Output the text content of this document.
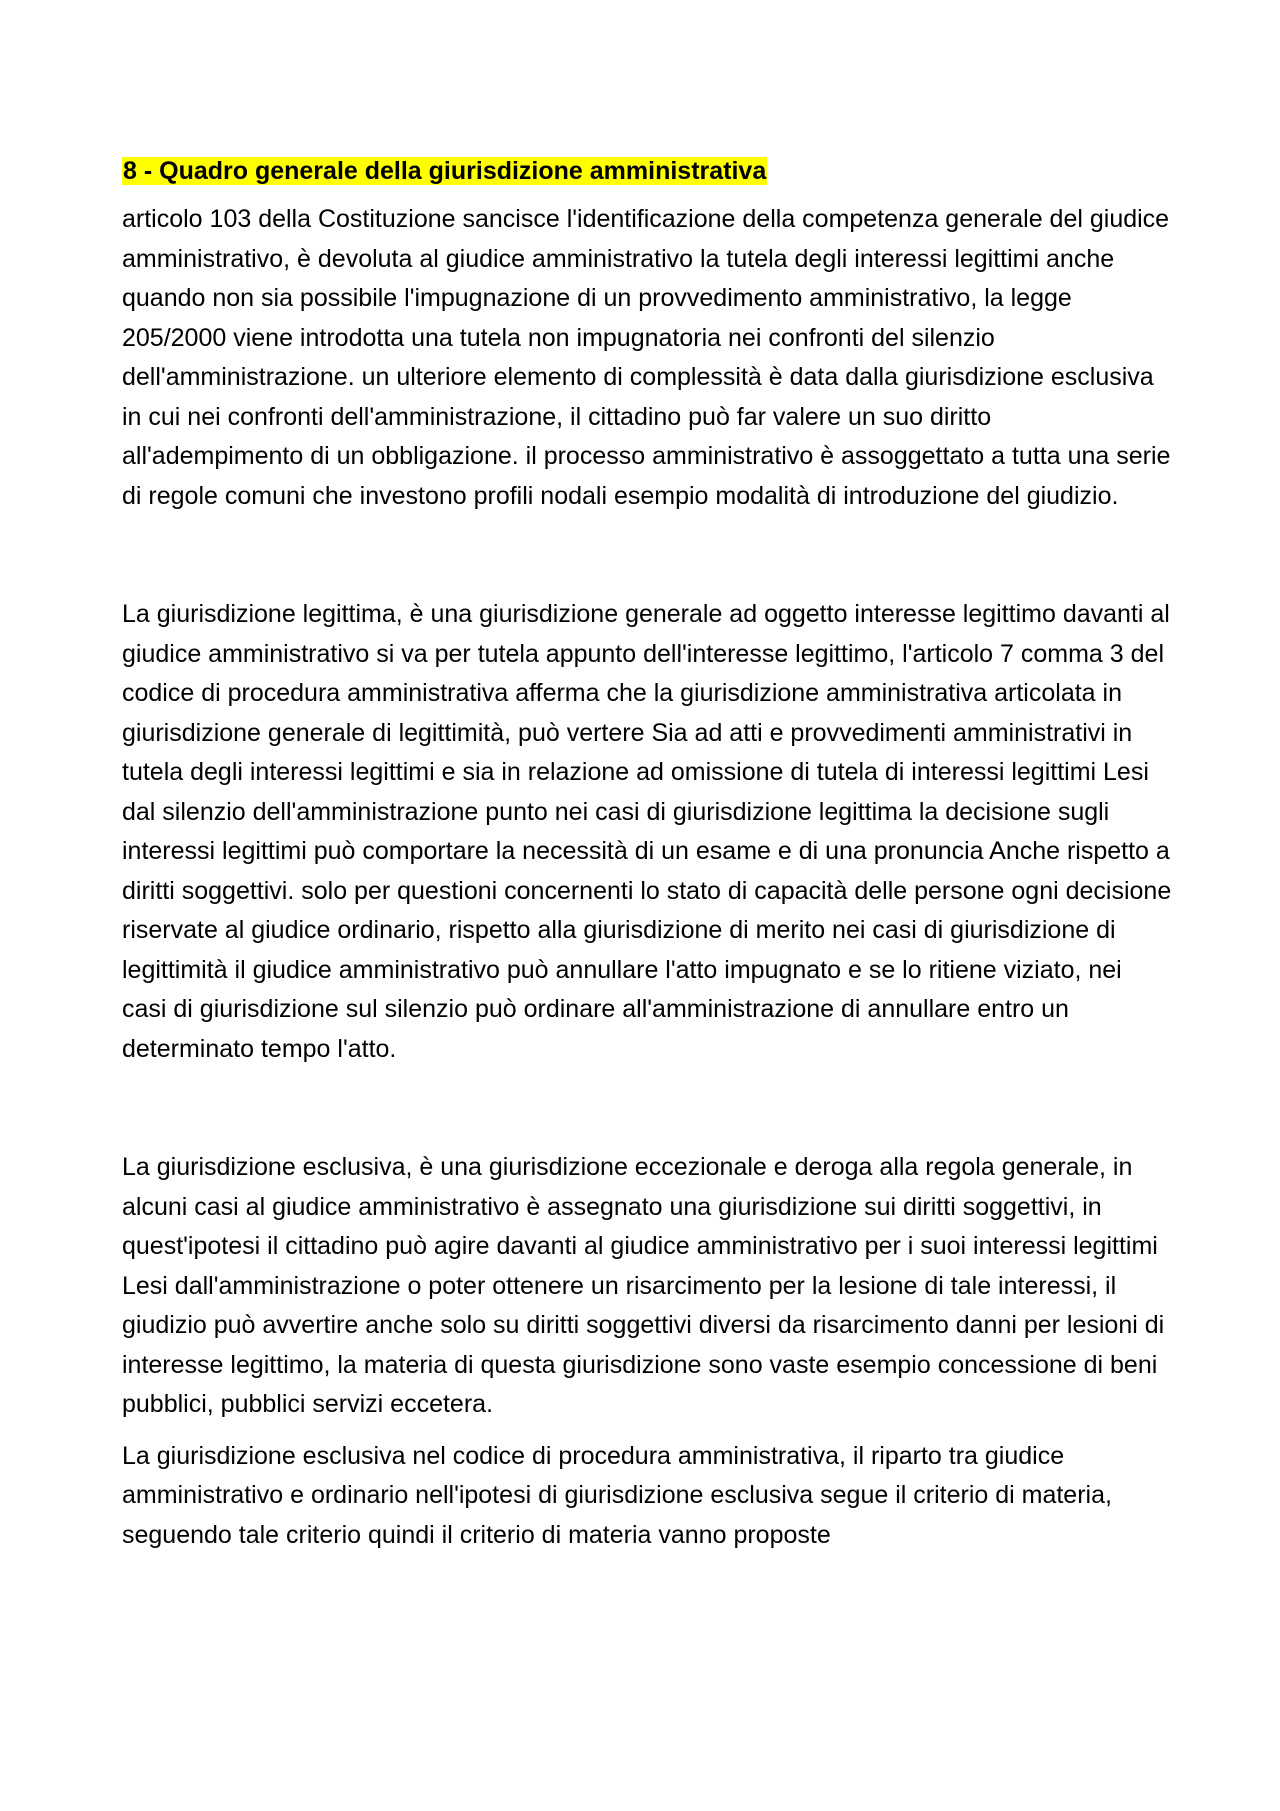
8 - Quadro generale della giurisdizione amministrativa

articolo 103 della Costituzione sancisce l'identificazione della competenza generale del giudice amministrativo, è devoluta al giudice amministrativo la tutela degli interessi legittimi anche quando non sia possibile l'impugnazione di un provvedimento amministrativo, la legge 205/2000 viene introdotta una tutela non impugnatoria nei confronti del silenzio dell'amministrazione. un ulteriore elemento di complessità è data dalla giurisdizione esclusiva in cui nei confronti dell'amministrazione, il cittadino può far valere un suo diritto all'adempimento di un obbligazione. il processo amministrativo è assoggettato a tutta una serie di regole comuni che investono profili nodali esempio modalità di introduzione del giudizio.

La giurisdizione legittima, è una giurisdizione generale ad oggetto interesse legittimo davanti al giudice amministrativo si va per tutela appunto dell'interesse legittimo, l'articolo 7 comma 3 del codice di procedura amministrativa afferma che la giurisdizione amministrativa articolata in giurisdizione generale di legittimità, può vertere Sia ad atti e provvedimenti amministrativi in tutela degli interessi legittimi e sia in relazione ad omissione di tutela di interessi legittimi Lesi dal silenzio dell'amministrazione punto nei casi di giurisdizione legittima la decisione sugli interessi legittimi può comportare la necessità di un esame e di una pronuncia Anche rispetto a diritti soggettivi. solo per questioni concernenti lo stato di capacità delle persone ogni decisione riservate al giudice ordinario, rispetto alla giurisdizione di merito nei casi di giurisdizione di legittimità il giudice amministrativo può annullare l'atto impugnato e se lo ritiene viziato, nei casi di giurisdizione sul silenzio può ordinare all'amministrazione di annullare entro un determinato tempo l'atto.

La giurisdizione esclusiva, è una giurisdizione eccezionale e deroga alla regola generale, in alcuni casi al giudice amministrativo è assegnato una giurisdizione sui diritti soggettivi, in quest'ipotesi il cittadino può agire davanti al giudice amministrativo per i suoi interessi legittimi Lesi dall'amministrazione o poter ottenere un risarcimento per la lesione di tale interessi, il giudizio può avvertire anche solo su diritti soggettivi diversi da risarcimento danni per lesioni di interesse legittimo, la materia di questa giurisdizione sono vaste esempio concessione di beni pubblici, pubblici servizi eccetera.

La giurisdizione esclusiva nel codice di procedura amministrativa, il riparto tra giudice amministrativo e ordinario nell'ipotesi di giurisdizione esclusiva segue il criterio di materia, seguendo tale criterio quindi il criterio di materia vanno proposte
